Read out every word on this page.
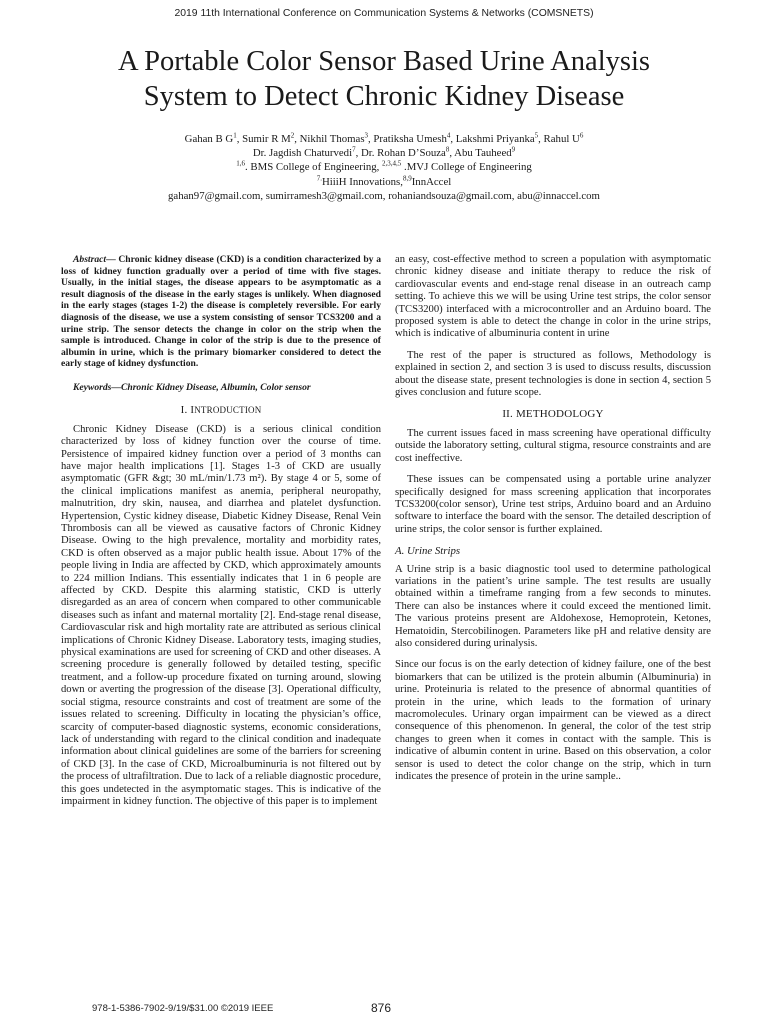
2019 11th International Conference on Communication Systems & Networks (COMSNETS)
A Portable Color Sensor Based Urine Analysis
System to Detect Chronic Kidney Disease
Gahan B $G^1$, Sumir R $M^2$, Nikhil Thomas$^3$, Pratiksha Umesh$^4$, Lakshmi Priyanka$^5$, Rahul $U^6$
Dr. Jagdish Chaturvedi$^7$, Dr. Rohan D’Souza$^8$, Abu Tauheed$^9$
$^{1,6}$. BMS College of Engineering, $^{2,3,4,5}$ .MVJ College of Engineering
$^{7.}$HiiiH Innovations,$^{8,9}$InnAccel
gahan97@gmail.com, sumirramesh3@gmail.com, rohaniandsouza@gmail.com, abu@innaccel.com

Abstract— Chronic kidney disease (CKD) is a condition characterized by a loss of kidney function gradually over a period of time with five stages. Usually, in the initial stages, the disease appears to be asymptomatic as a result diagnosis of the disease in the early stages is unlikely. When diagnosed in the early stages (stages 1-2) the disease is completely reversible. For early diagnosis of the disease, we use a system consisting of sensor TCS3200 and a urine strip. The sensor detects the change in color on the strip when the sample is introduced. Change in color of the strip is due to the presence of albumin in urine, which is the primary biomarker considered to detect the early stage of kidney dysfunction.

Keywords—Chronic Kidney Disease, Albumin, Color sensor

I. INTRODUCTION

Chronic Kidney Disease (CKD) is a serious clinical condition characterized by loss of kidney function over the course of time. Persistence of impaired kidney function over a period of 3 months can have major health implications [1]. Stages 1-3 of CKD are usually asymptomatic (GFR &gt; 30 mL/min/1.73 m²). By stage 4 or 5, some of the clinical implications manifest as anemia, peripheral neuropathy, malnutrition, dry skin, nausea, and diarrhea and platelet dysfunction. Hypertension, Cystic kidney disease, Diabetic Kidney Disease, Renal Vein Thrombosis can all be viewed as causative factors of Chronic Kidney Disease. Owing to the high prevalence, mortality and morbidity rates, CKD is often observed as a major public health issue. About 17% of the people living in India are affected by CKD, which approximately amounts to 224 million Indians. This essentially indicates that 1 in 6 people are affected by CKD. Despite this alarming statistic, CKD is utterly disregarded as an area of concern when compared to other communicable diseases such as infant and maternal mortality [2]. End-stage renal disease, Cardiovascular risk and high mortality rate are attributed as serious clinical implications of Chronic Kidney Disease. Laboratory tests, imaging studies, physical examinations are used for screening of CKD and other diseases. A screening procedure is generally followed by detailed testing, specific treatment, and a follow-up procedure fixated on turning around, slowing down or averting the progression of the disease [3]. Operational difficulty, social stigma, resource constraints and cost of treatment are some of the issues related to screening. Difficulty in locating the physician’s office, scarcity of computer-based diagnostic systems, economic considerations, lack of understanding with regard to the clinical condition and inadequate information about clinical guidelines are some of the barriers for screening of CKD [3]. In the case of CKD, Microalbuminuria is not filtered out by the process of ultrafiltration. Due to lack of a reliable diagnostic procedure, this goes undetected in the asymptomatic stages. This is indicative of the impairment in kidney function. The objective of this paper is to implement

an easy, cost-effective method to screen a population with asymptomatic chronic kidney disease and initiate therapy to reduce the risk of cardiovascular events and end-stage renal disease in an outreach camp setting. To achieve this we will be using Urine test strips, the color sensor (TCS3200) interfaced with a microcontroller and an Arduino board. The proposed system is able to detect the change in color in the urine strips, which is indicative of albuminuria content in urine

The rest of the paper is structured as follows, Methodology is explained in section 2, and section 3 is used to discuss results, discussion about the disease state, present technologies is done in section 4, section 5 gives conclusion and future scope.

II. METHODOLOGY

The current issues faced in mass screening have operational difficulty outside the laboratory setting, cultural stigma, resource constraints and are cost ineffective.

These issues can be compensated using a portable urine analyzer specifically designed for mass screening application that incorporates TCS3200(color sensor), Urine test strips, Arduino board and an Arduino software to interface the board with the sensor. The detailed description of urine strips, the color sensor is further explained.

A. Urine Strips

A Urine strip is a basic diagnostic tool used to determine pathological variations in the patient’s urine sample. The test results are usually obtained within a timeframe ranging from a few seconds to minutes. There can also be instances where it could exceed the mentioned limit. The various proteins present are Aldohexose, Hemoprotein, Ketones, Hematoidin, Stercobilinogen. Parameters like pH and relative density are also considered during urinalysis.

Since our focus is on the early detection of kidney failure, one of the best biomarkers that can be utilized is the protein albumin (Albuminuria) in urine. Proteinuria is related to the presence of abnormal quantities of protein in the urine, which leads to the formation of urinary macromolecules. Urinary organ impairment can be viewed as a direct consequence of this phenomenon. In general, the color of the test strip changes to green when it comes in contact with the sample. This is indicative of albumin content in urine. Based on this observation, a color sensor is used to detect the color change on the strip, which in turn indicates the presence of protein in the urine sample..

978-1-5386-7902-9/19/$31.00 ©2019 IEEE	876
